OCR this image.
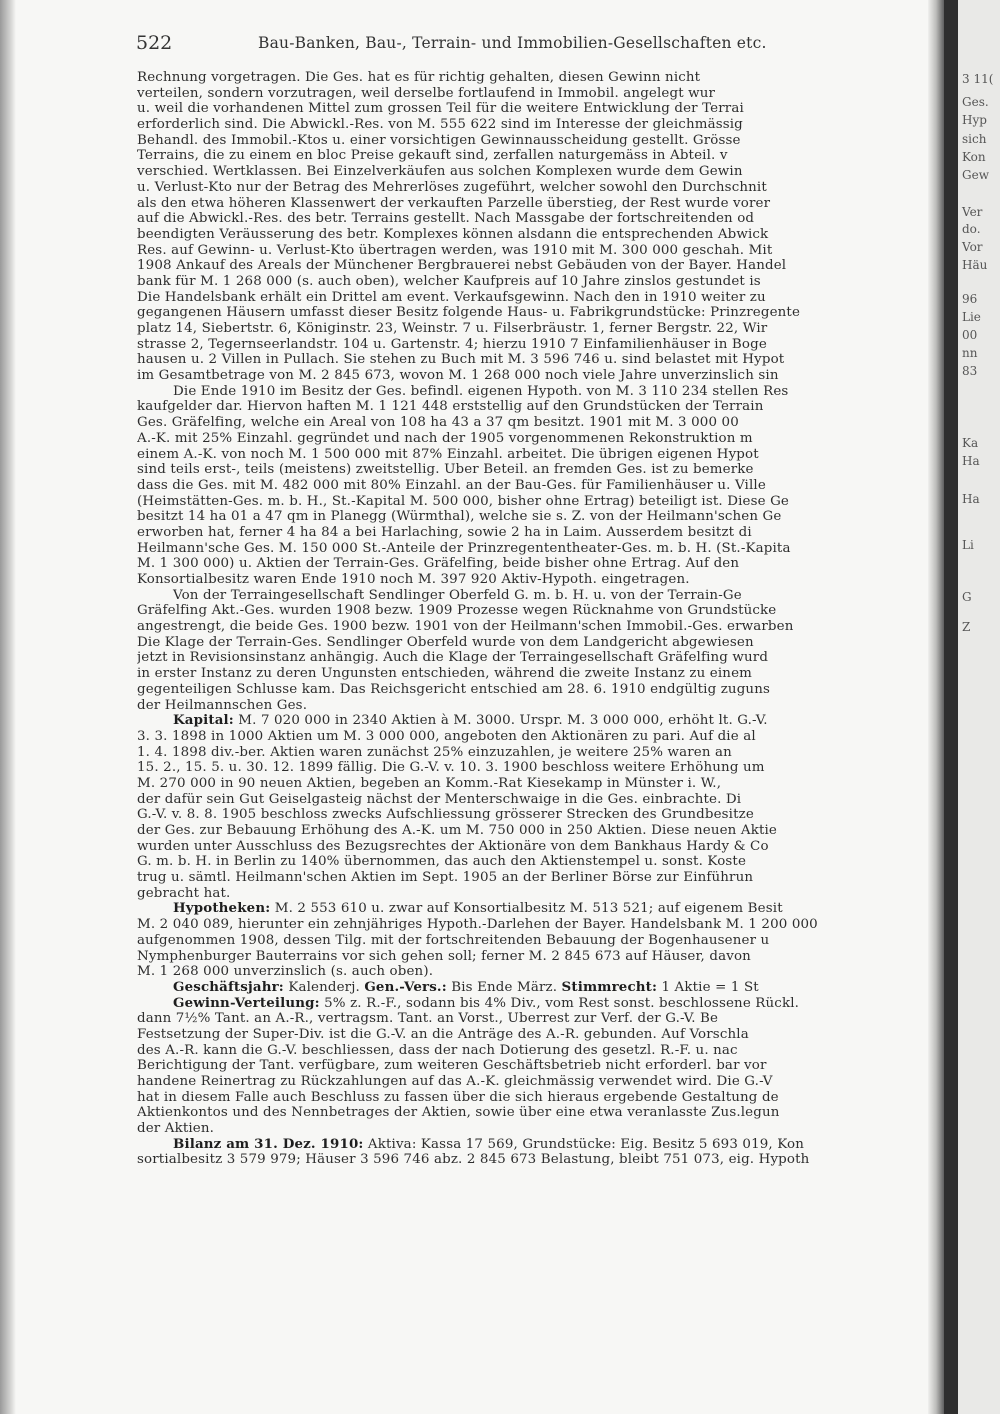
522	Bau-Banken, Bau-, Terrain- und Immobilien-Gesellschaften etc.
Rechnung vorgetragen. Die Ges. hat es für richtig gehalten, diesen Gewinn nicht
verteilen, sondern vorzutragen, weil derselbe fortlaufend in Immobil. angelegt wur
u. weil die vorhandenen Mittel zum grossen Teil für die weitere Entwicklung der Terrai
erforderlich sind. Die Abwickl.-Res. von M. 555 622 sind im Interesse der gleichmässig
Behandl. des Immobil.-Ktos u. einer vorsichtigen Gewinnausscheidung gestellt. Grösse
Terrains, die zu einem en bloc Preise gekauft sind, zerfallen naturgemäss in Abteil. v
verschied. Wertklassen. Bei Einzelverkäufen aus solchen Komplexen wurde dem Gewin
u. Verlust-Kto nur der Betrag des Mehrerlöses zugeführt, welcher sowohl den Durchschnit
als den etwa höheren Klassenwert der verkauften Parzelle überstieg, der Rest wurde vorer
auf die Abwickl.-Res. des betr. Terrains gestellt. Nach Massgabe der fortschreitenden od
beendigten Veräusserung des betr. Komplexes können alsdann die entsprechenden Abwick
Res. auf Gewinn- u. Verlust-Kto übertragen werden, was 1910 mit M. 300 000 geschah. Mit
1908 Ankauf des Areals der Münchener Bergbrauerei nebst Gebäuden von der Bayer. Handel
bank für M. 1 268 000 (s. auch oben), welcher Kaufpreis auf 10 Jahre zinslos gestundet is
Die Handelsbank erhält ein Drittel am event. Verkaufsgewinn. Nach den in 1910 weiter zu
gegangenen Häusern umfasst dieser Besitz folgende Haus- u. Fabrikgrundstücke: Prinzregente
platz 14, Siebertstr. 6, Königinstr. 23, Weinstr. 7 u. Filserbräustr. 1, ferner Bergstr. 22, Wir
strasse 2, Tegernseerlandstr. 104 u. Gartenstr. 4; hierzu 1910 7 Einfamilienhäuser in Boge
hausen u. 2 Villen in Pullach. Sie stehen zu Buch mit M. 3 596 746 u. sind belastet mit Hypot
im Gesamtbetrage von M. 2 845 673, wovon M. 1 268 000 noch viele Jahre unverzinslich sin
Die Ende 1910 im Besitz der Ges. befindl. eigenen Hypoth. von M. 3 110 234 stellen Res
kaufgelder dar. Hiervon haften M. 1 121 448 erststellig auf den Grundstücken der Terrain
Ges. Gräfelfing, welche ein Areal von 108 ha 43 a 37 qm besitzt. 1901 mit M. 3 000 00
A.-K. mit 25% Einzahl. gegründet und nach der 1905 vorgenommenen Rekonstruktion m
einem A.-K. von noch M. 1 500 000 mit 87% Einzahl. arbeitet. Die übrigen eigenen Hypot
sind teils erst-, teils (meistens) zweitstellig. Über Beteil. an fremden Ges. ist zu bemerke
dass die Ges. mit M. 482 000 mit 80% Einzahl. an der Bau-Ges. für Familienhäuser u. Ville
(Heimstätten-Ges. m. b. H., St.-Kapital M. 500 000, bisher ohne Ertrag) beteiligt ist. Diese Ge
besitzt 14 ha 01 a 47 qm in Planegg (Würmthal), welche sie s. Z. von der Heilmann'schen Ge
erworben hat, ferner 4 ha 84 a bei Harlaching, sowie 2 ha in Laim. Ausserdem besitzt di
Heilmann'sche Ges. M. 150 000 St.-Anteile der Prinzregententheater-Ges. m. b. H. (St.-Kapita
M. 1 300 000) u. Aktien der Terrain-Ges. Gräfelfing, beide bisher ohne Ertrag. Auf den
Konsortialbesitz waren Ende 1910 noch M. 397 920 Aktiv-Hypoth. eingetragen.
Von der Terraingesellschaft Sendlinger Oberfeld G. m. b. H. u. von der Terrain-Ge
Gräfelfing Akt.-Ges. wurden 1908 bezw. 1909 Prozesse wegen Rücknahme von Grundstücke
angestrengt, die beide Ges. 1900 bezw. 1901 von der Heilmann'schen Immobil.-Ges. erwarben
Die Klage der Terrain-Ges. Sendlinger Oberfeld wurde von dem Landgericht abgewiesen
jetzt in Revisionsinstanz anhängig. Auch die Klage der Terraingesellschaft Gräfelfing wurd
in erster Instanz zu deren Ungunsten entschieden, während die zweite Instanz zu einem
gegenteiligen Schlusse kam. Das Reichsgericht entschied am 28. 6. 1910 endgültig zuguns
der Heilmannschen Ges.
Kapital: M. 7 020 000 in 2340 Aktien à M. 3000. Urspr. M. 3 000 000, erhöht lt. G.-V.
3. 3. 1898 in 1000 Aktien um M. 3 000 000, angeboten den Aktionären zu pari. Auf die al
1. 4. 1898 div.-ber. Aktien waren zunächst 25% einzuzahlen, je weitere 25% waren an
15. 2., 15. 5. u. 30. 12. 1899 fällig. Die G.-V. v. 10. 3. 1900 beschloss weitere Erhöhung um
M. 270 000 in 90 neuen Aktien, begeben an Komm.-Rat Kiesekamp in Münster i. W.,
der dafür sein Gut Geiselgasteig nächst der Menterschwaige in die Ges. einbrachte. Di
G.-V. v. 8. 8. 1905 beschloss zwecks Aufschliessung grösserer Strecken des Grundbesitze
der Ges. zur Bebauung Erhöhung des A.-K. um M. 750 000 in 250 Aktien. Diese neuen Aktie
wurden unter Ausschluss des Bezugsrechtes der Aktionäre von dem Bankhaus Hardy & Co
G. m. b. H. in Berlin zu 140% übernommen, das auch den Aktienstempel u. sonst. Koste
trug u. sämtl. Heilmann'schen Aktien im Sept. 1905 an der Berliner Börse zur Einführun
gebracht hat.
Hypotheken: M. 2 553 610 u. zwar auf Konsortialbesitz M. 513 521; auf eigenem Besit
M. 2 040 089, hierunter ein zehnjähriges Hypoth.-Darlehen der Bayer. Handelsbank M. 1 200 000
aufgenommen 1908, dessen Tilg. mit der fortschreitenden Bebauung der Bogenhausener u
Nymphenburger Bauterrains vor sich gehen soll; ferner M. 2 845 673 auf Häuser, davon
M. 1 268 000 unverzinslich (s. auch oben).
Geschäftsjahr: Kalenderj. Gen.-Vers.: Bis Ende März. Stimmrecht: 1 Aktie = 1 St
Gewinn-Verteilung: 5% z. R.-F., sodann bis 4% Div., vom Rest sonst. beschlossene Rückl.
dann 7½% Tant. an A.-R., vertragsm. Tant. an Vorst., Überrest zur Verf. der G.-V. Be
Festsetzung der Super-Div. ist die G.-V. an die Anträge des A.-R. gebunden. Auf Vorschla
des A.-R. kann die G.-V. beschliessen, dass der nach Dotierung des gesetzl. R.-F. u. nac
Berichtigung der Tant. verfügbare, zum weiteren Geschäftsbetrieb nicht erforderl. bar vor
handene Reinertrag zu Rückzahlungen auf das A.-K. gleichmässig verwendet wird. Die G.-V
hat in diesem Falle auch Beschluss zu fassen über die sich hieraus ergebende Gestaltung de
Aktienkontos und des Nennbetrages der Aktien, sowie über eine etwa veranlasste Zus.legun
der Aktien.
Bilanz am 31. Dez. 1910: Aktiva: Kassa 17 569, Grundstücke: Eig. Besitz 5 693 019, Kon
sortialbesitz 3 579 979; Häuser 3 596 746 abz. 2 845 673 Belastung, bleibt 751 073, eig. Hypoth
3 11(
Ges.
Hyp
sich
Kon
Gew
Ver
do.
Vor
Häu
96
Lie
00
nn
83
Ka
Ha
Ha
Li
G
Z
